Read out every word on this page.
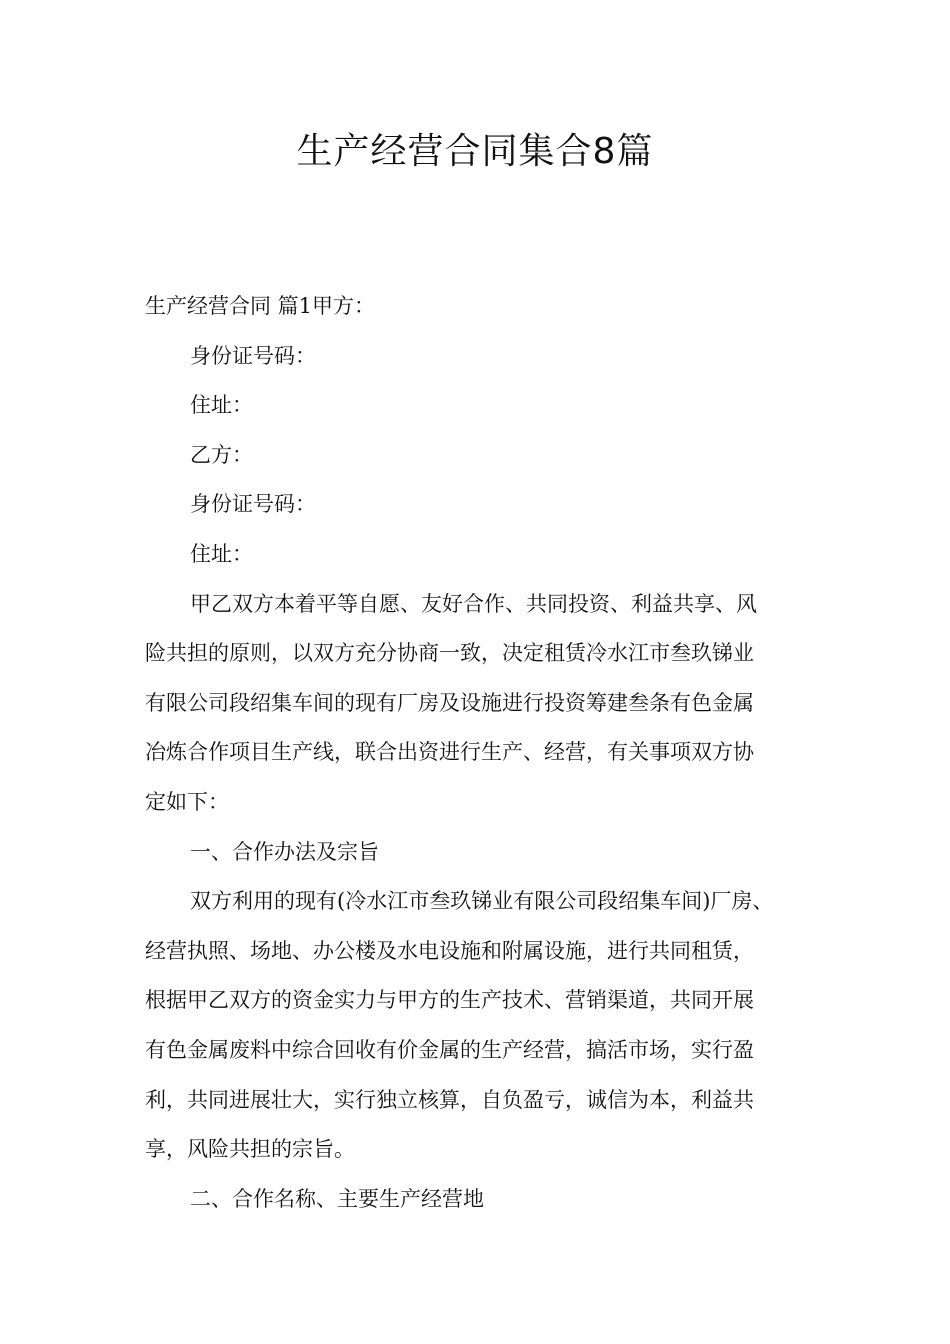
生产经营合同集合8篇

生产经营合同 篇1甲方：

身份证号码：

住址：

乙方：

身份证号码：

住址：

甲乙双方本着平等自愿、友好合作、共同投资、利益共享、风

险共担的原则，以双方充分协商一致，决定租赁冷水江市叁玖锑业

有限公司段绍集车间的现有厂房及设施进行投资筹建叁条有色金属

冶炼合作项目生产线，联合出资进行生产、经营，有关事项双方协

定如下：

一、合作办法及宗旨

双方利用的现有(冷水江市叁玖锑业有限公司段绍集车间)厂房、

经营执照、场地、办公楼及水电设施和附属设施，进行共同租赁，

根据甲乙双方的资金实力与甲方的生产技术、营销渠道，共同开展

有色金属废料中综合回收有价金属的生产经营，搞活市场，实行盈

利，共同进展壮大，实行独立核算，自负盈亏，诚信为本，利益共

享，风险共担的宗旨。

二、合作名称、主要生产经营地
